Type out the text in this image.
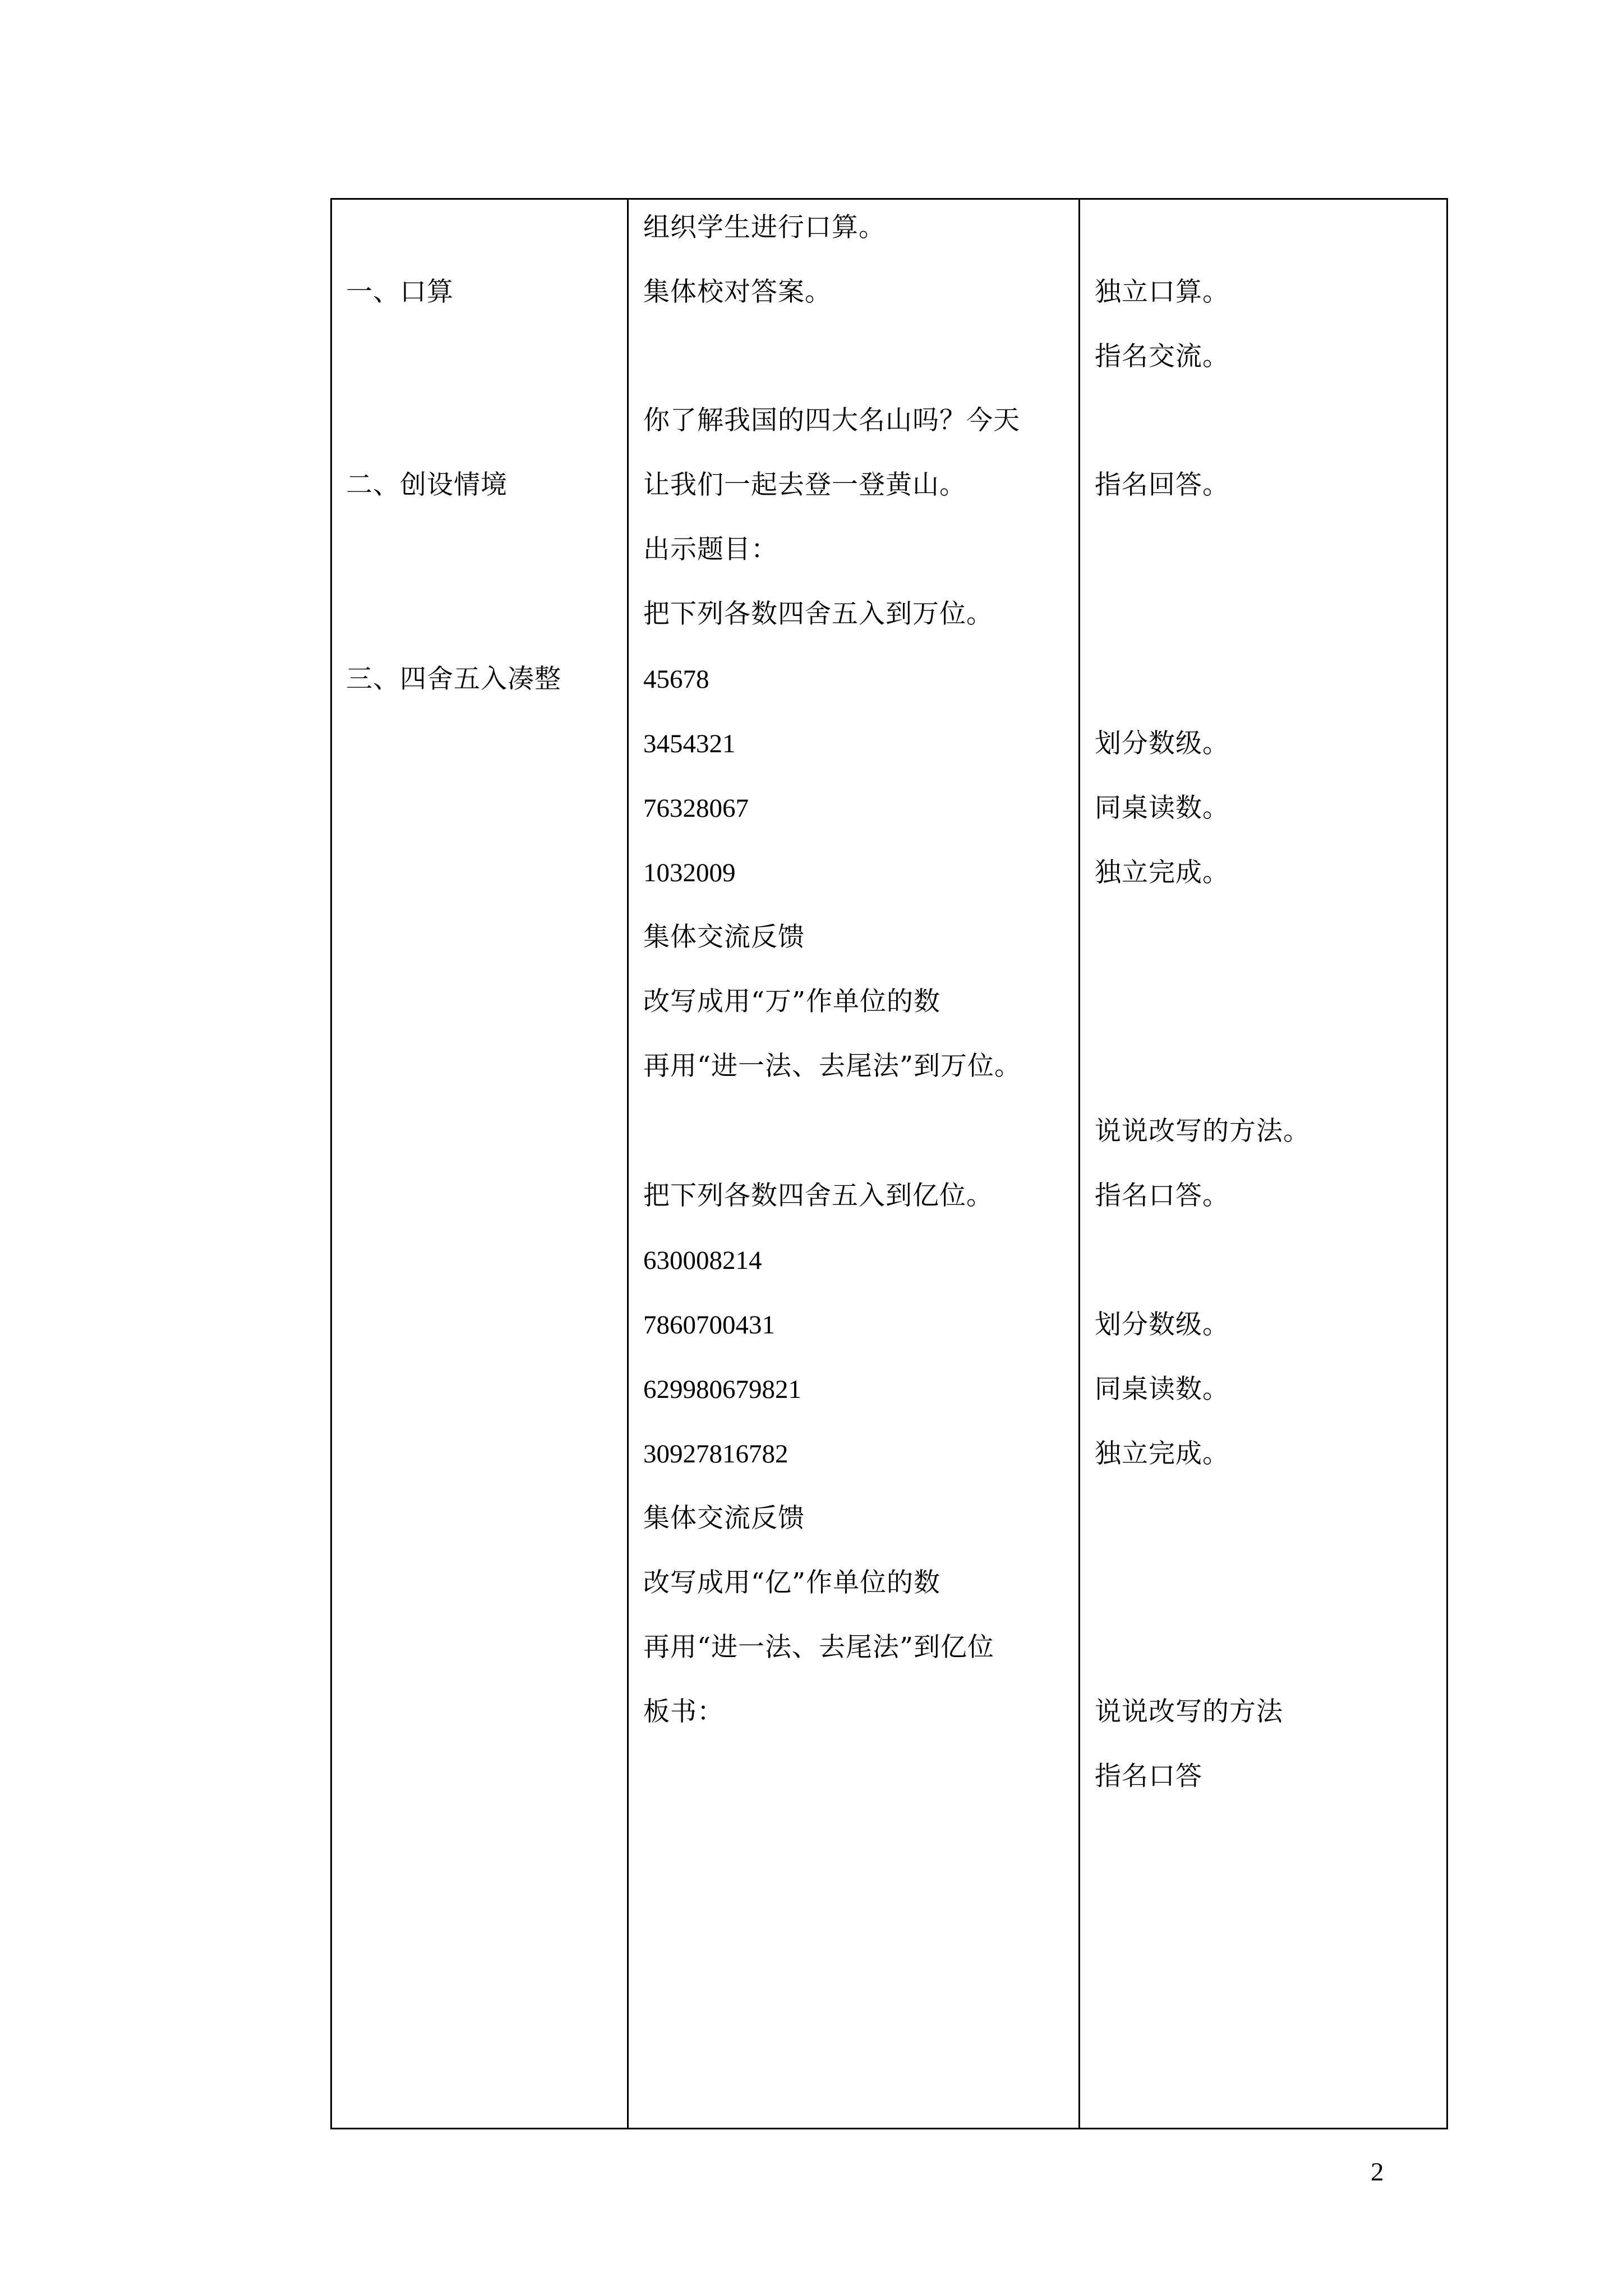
一、口算
二、创设情境
三、四舍五入凑整
组织学生进行口算。
集体校对答案。
你了解我国的四大名山吗？今天
让我们一起去登一登黄山。
出示题目：
把下列各数四舍五入到万位。
45678
3454321
76328067
1032009
集体交流反馈
改写成用“万”作单位的数
再用“进一法、去尾法”到万位。
把下列各数四舍五入到亿位。
630008214
7860700431
629980679821
30927816782
集体交流反馈
改写成用“亿”作单位的数
再用“进一法、去尾法”到亿位
板书：
独立口算。
指名交流。
指名回答。
划分数级。
同桌读数。
独立完成。
说说改写的方法。
指名口答。
划分数级。
同桌读数。
独立完成。
说说改写的方法
指名口答
2
